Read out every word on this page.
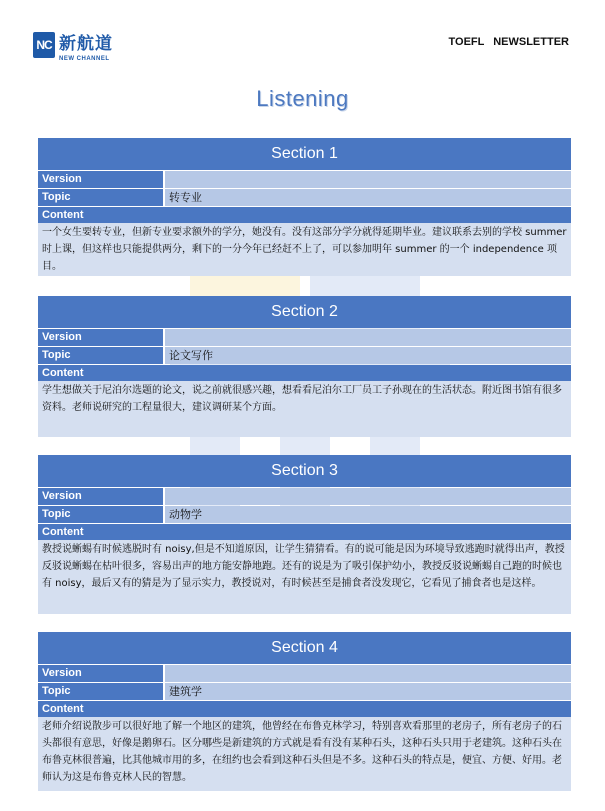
NC 新航道
NEW CHANNEL
TOEFL NEWSLETTER
Listening
Section 1
Version
Topic	转专业
Content
一个女生要转专业，但新专业要求额外的学分，她没有。没有这部分学分就得延期毕业。建议联系去别的学校 summer 时上课，但这样也只能提供两分，剩下的一分今年已经赶不上了，可以参加明年 summer 的一个 independence 项目。
Section 2
Version
Topic	论文写作
Content
学生想做关于尼泊尔选题的论文，说之前就很感兴趣，想看看尼泊尔工厂员工子孙现在的生活状态。附近图书馆有很多资料。老师说研究的工程量很大，建议调研某个方面。
Section 3
Version
Topic	动物学
Content
教授说蜥蜴有时候逃脱时有 noisy,但是不知道原因，让学生猜猜看。有的说可能是因为环境导致逃跑时就得出声，教授反驳说蜥蜴在枯叶很多，容易出声的地方能安静地跑。还有的说是为了吸引保护幼小，教授反驳说蜥蜴自己跑的时候也有 noisy，最后又有的猜是为了显示实力，教授说对，有时候甚至是捕食者没发现它，它看见了捕食者也是这样。
Section 4
Version
Topic	建筑学
Content
老师介绍说散步可以很好地了解一个地区的建筑，他曾经在布鲁克林学习，特别喜欢看那里的老房子，所有老房子的石头都很有意思，好像是鹅卵石。区分哪些是新建筑的方式就是看有没有某种石头，这种石头只用于老建筑。这种石头在布鲁克林很普遍，比其他城市用的多，在纽约也会看到这种石头但是不多。这种石头的特点是，便宜、方便、好用。老师认为这是布鲁克林人民的智慧。
